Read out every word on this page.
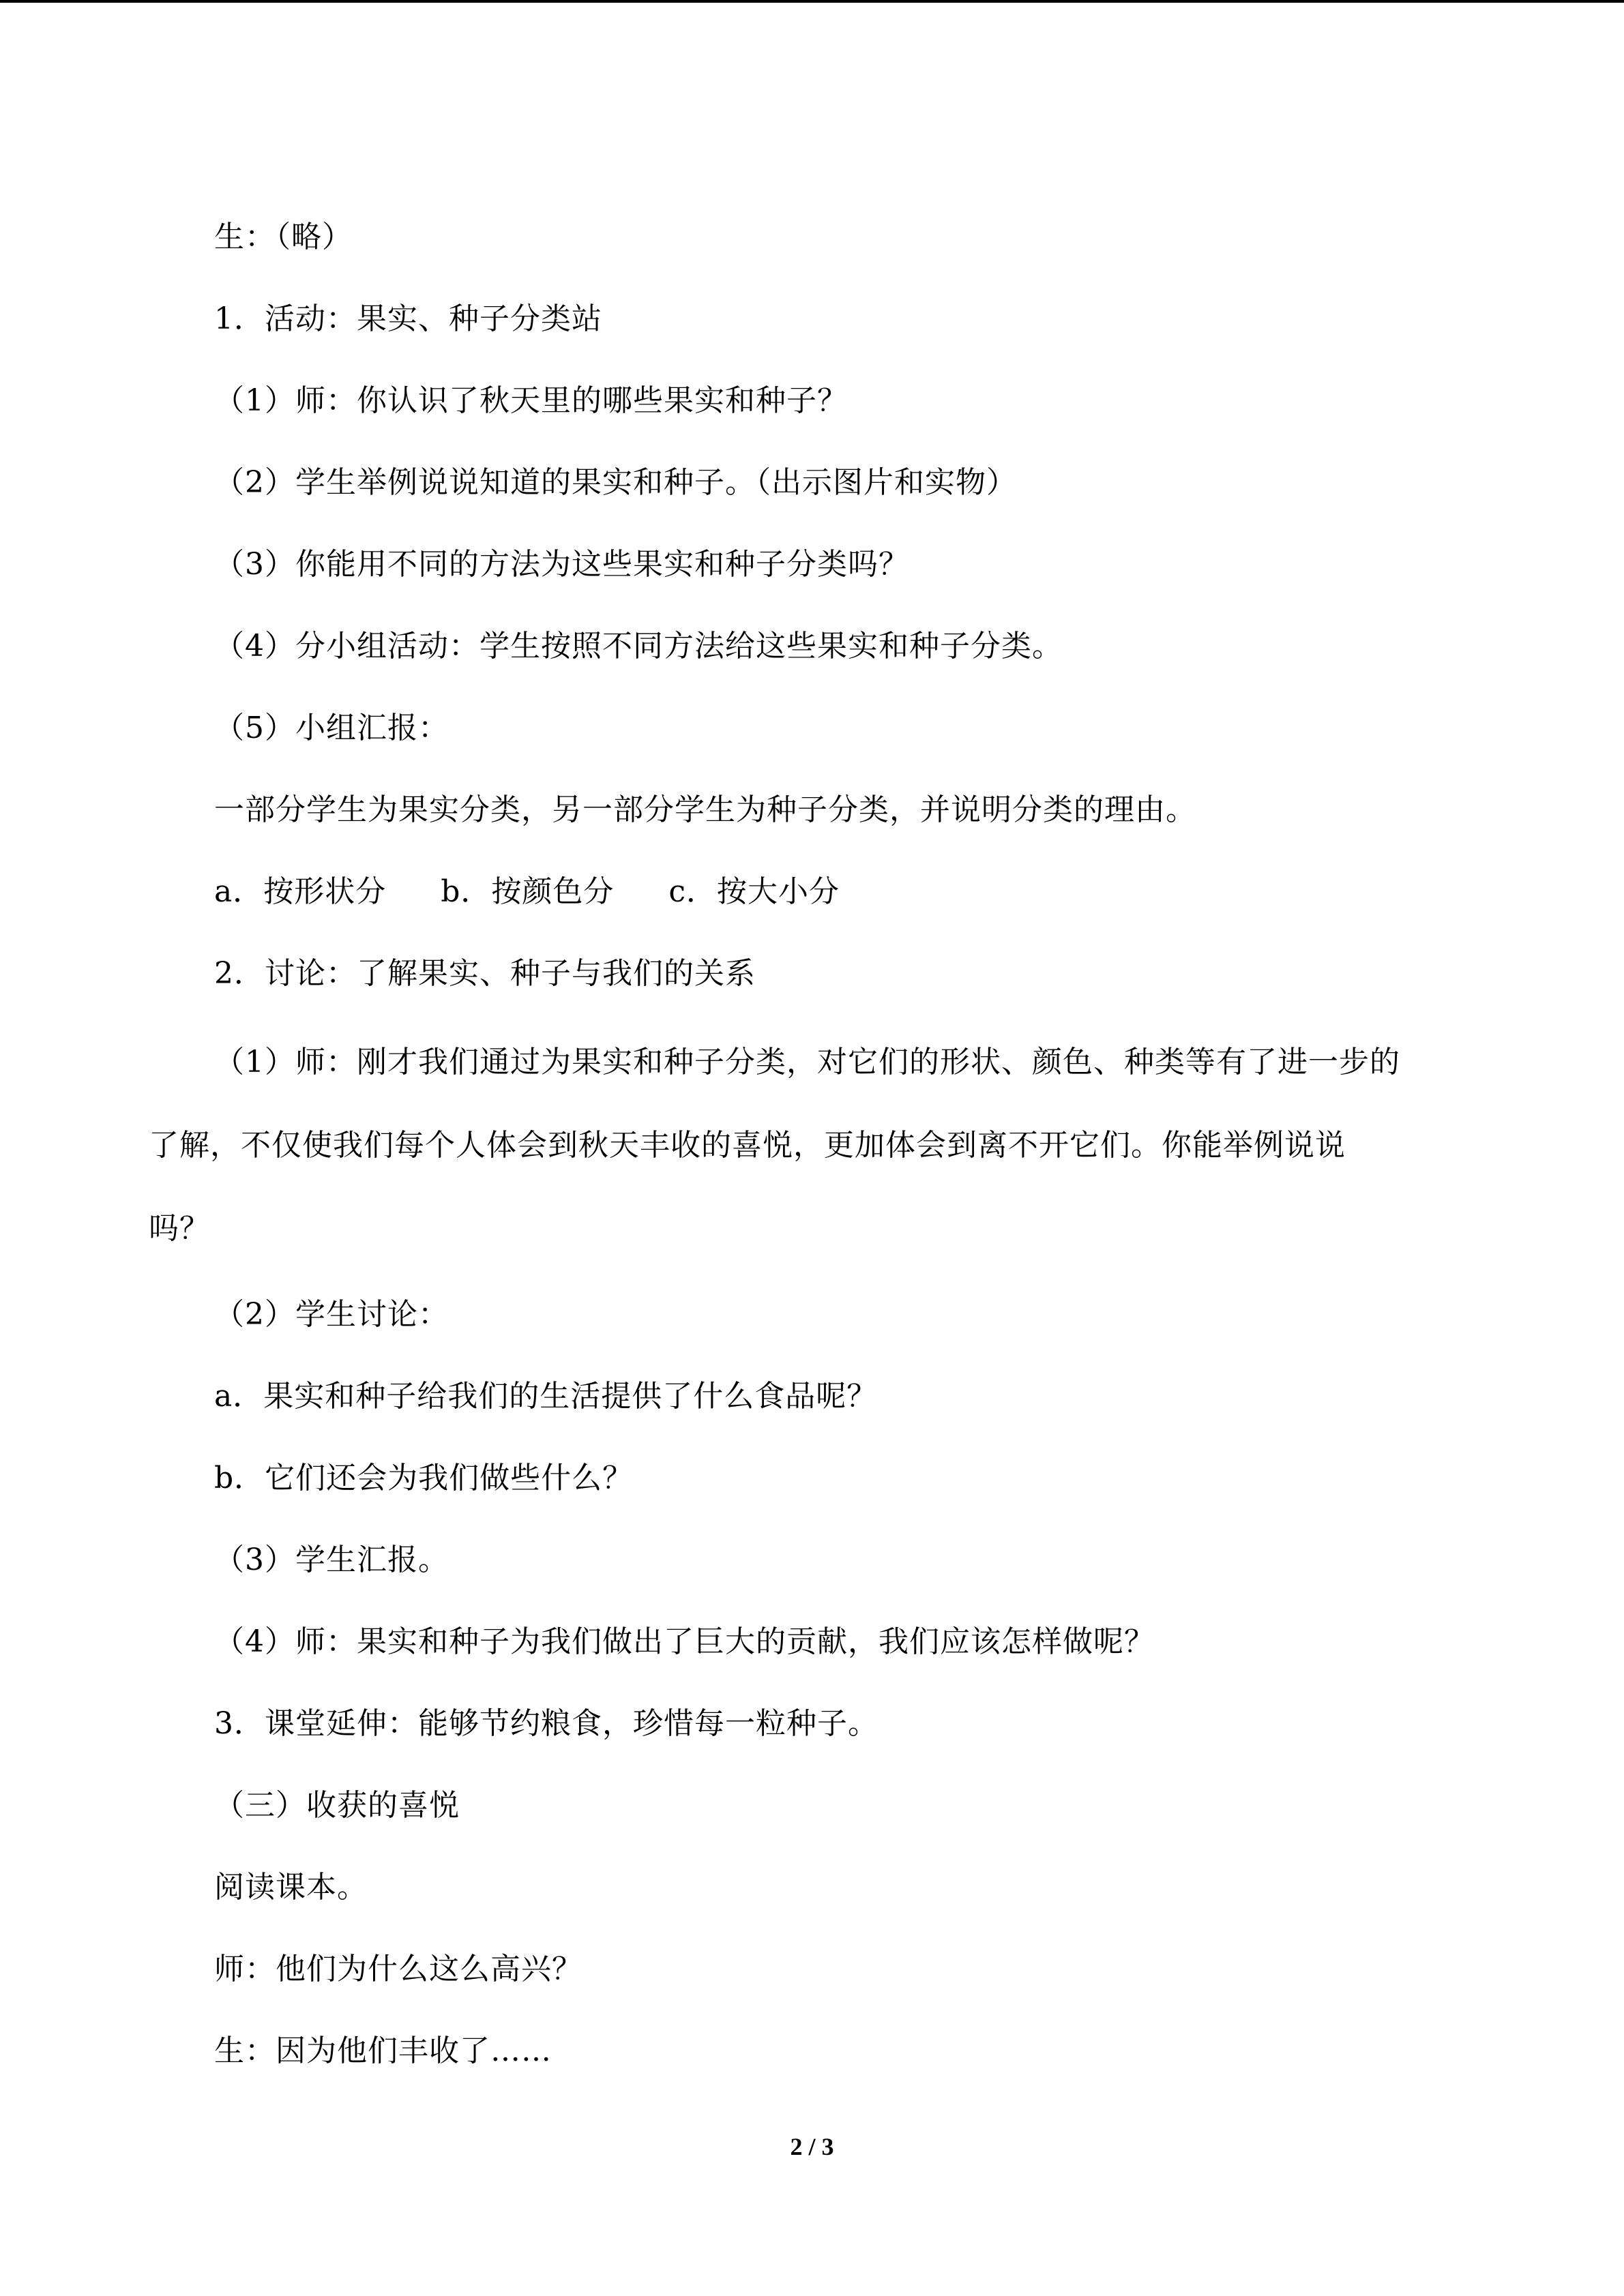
生：（略）
1．活动：果实、种子分类站
（1）师：你认识了秋天里的哪些果实和种子？
（2）学生举例说说知道的果实和种子。（出示图片和实物）
（3）你能用不同的方法为这些果实和种子分类吗？
（4）分小组活动：学生按照不同方法给这些果实和种子分类。
（5）小组汇报：
一部分学生为果实分类，另一部分学生为种子分类，并说明分类的理由。
a．按形状分 b．按颜色分 c．按大小分
2．讨论：了解果实、种子与我们的关系
（1）师：刚才我们通过为果实和种子分类，对它们的形状、颜色、种类等有了进一步的
了解，不仅使我们每个人体会到秋天丰收的喜悦，更加体会到离不开它们。你能举例说说
吗？
（2）学生讨论：
a．果实和种子给我们的生活提供了什么食品呢？
b．它们还会为我们做些什么？
（3）学生汇报。
（4）师：果实和种子为我们做出了巨大的贡献，我们应该怎样做呢？
3．课堂延伸：能够节约粮食，珍惜每一粒种子。
（三）收获的喜悦
阅读课本。
师：他们为什么这么高兴？
生：因为他们丰收了……
2 / 3
